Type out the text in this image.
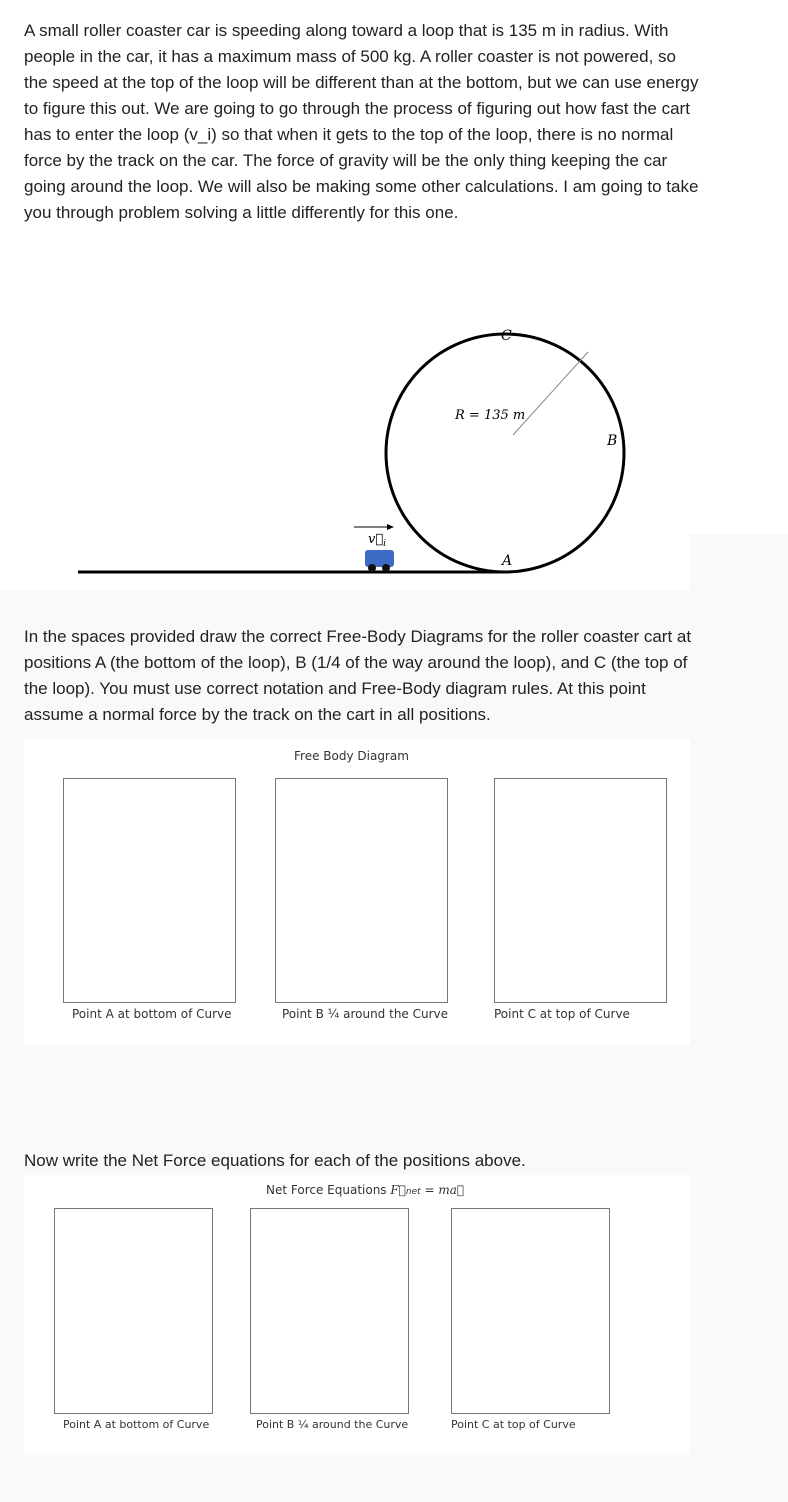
A small roller coaster car is speeding along toward a loop that is 135 m in radius. With people in the car, it has a maximum mass of 500 kg. A roller coaster is not powered, so the speed at the top of the loop will be different than at the bottom, but we can use energy to figure this out. We are going to go through the process of figuring out how fast the cart has to enter the loop (v_i) so that when it gets to the top of the loop, there is no normal force by the track on the car. The force of gravity will be the only thing keeping the car going around the loop. We will also be making some other calculations. I am going to take you through problem solving a little differently for this one.

$v⃗_i$
C
B
A
R = 135 m

In the spaces provided draw the correct Free-Body Diagrams for the roller coaster cart at positions A (the bottom of the loop), B (1/4 of the way around the loop), and C (the top of the loop). You must use correct notation and Free-Body diagram rules. At this point assume a normal force by the track on the cart in all positions.

Free Body Diagram
Point A at bottom of Curve	Point B ¼ around the Curve	Point C at top of Curve

Now write the Net Force equations for each of the positions above.

Net Force Equations F⃗net = ma⃗
Point A at bottom of Curve	Point B ¼ around the Curve	Point C at top of Curve
